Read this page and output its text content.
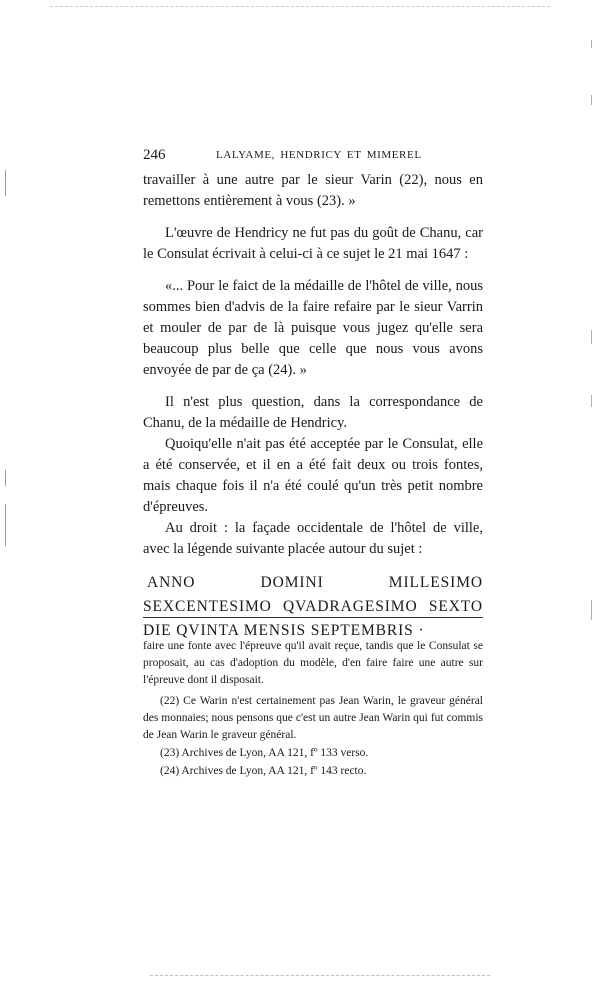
246	LALYAME, HENDRICY ET MIMEREL

travailler à une autre par le sieur Varin (22), nous en remettons entièrement à vous (23). »

L'œuvre de Hendricy ne fut pas du goût de Chanu, car le Consulat écrivait à celui-ci à ce sujet le 21 mai 1647 :

«... Pour le faict de la médaille de l'hôtel de ville, nous sommes bien d'advis de la faire refaire par le sieur Varrin et mouler de par de là puisque vous jugez qu'elle sera beaucoup plus belle que celle que nous vous avons envoyée de par de ça (24). »

Il n'est plus question, dans la correspondance de Chanu, de la médaille de Hendricy.

Quoiqu'elle n'ait pas été acceptée par le Consulat, elle a été conservée, et il en a été fait deux ou trois fontes, mais chaque fois il n'a été coulé qu'un très petit nombre d'épreuves.

Au droit : la façade occidentale de l'hôtel de ville, avec la légende suivante placée autour du sujet :

ANNO DOMINI MILLESIMO SEXCENTESIMO QVADRAGESIMO SEXTO DIE QVINTA MENSIS SEPTEMBRIS ·

faire une fonte avec l'épreuve qu'il avait reçue, tandis que le Consulat se proposait, au cas d'adoption du modèle, d'en faire faire une autre sur l'épreuve dont il disposait.

(22) Ce Warin n'est certainement pas Jean Warin, le graveur général des monnaies; nous pensons que c'est un autre Jean Warin qui fut commis de Jean Warin le graveur général.

(23) Archives de Lyon, AA 121, fº 133 verso.

(24) Archives de Lyon, AA 121, fº 143 recto.
